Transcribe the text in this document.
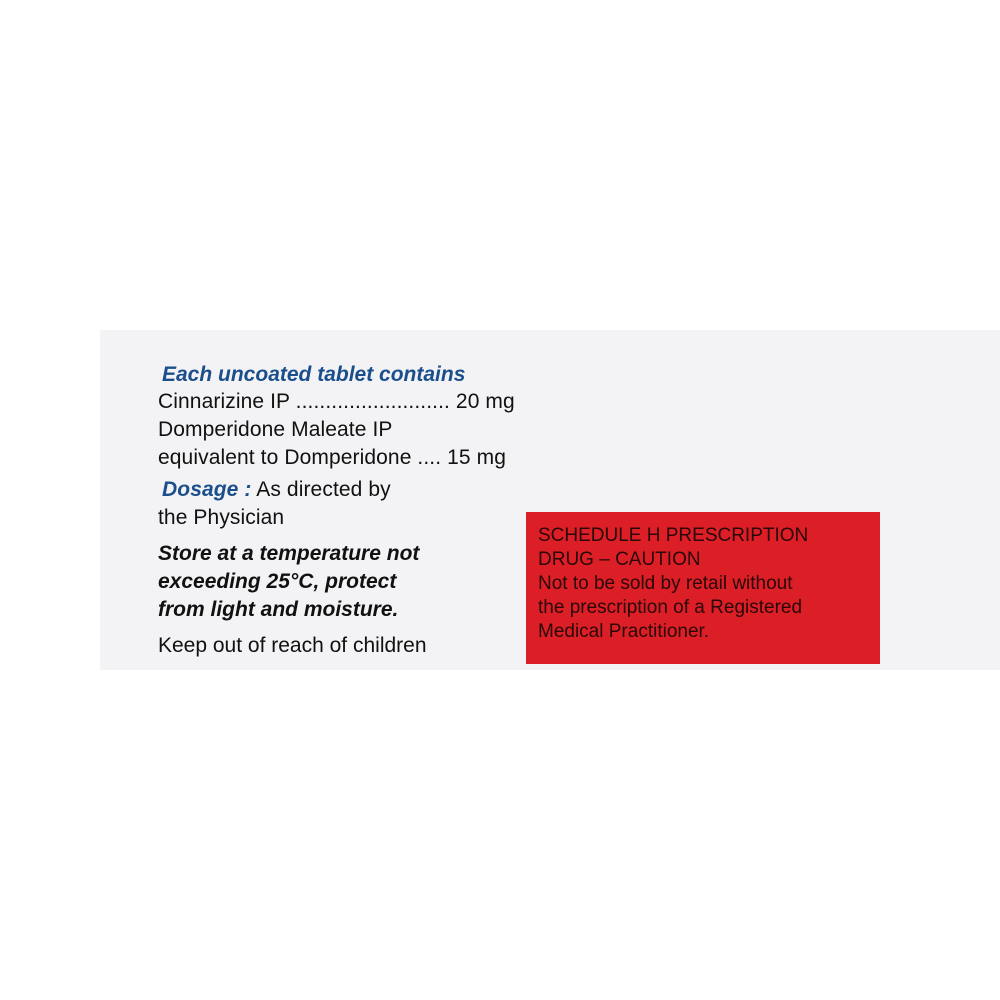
Each uncoated tablet contains
Cinnarizine IP .......................... 20 mg
Domperidone Maleate IP
equivalent to Domperidone .... 15 mg
Dosage : As directed by
the Physician
Store at a temperature not
exceeding 25°C, protect
from light and moisture.
Keep out of reach of children
SCHEDULE H PRESCRIPTION
DRUG – CAUTION
Not to be sold by retail without
the prescription of a Registered
Medical Practitioner.
